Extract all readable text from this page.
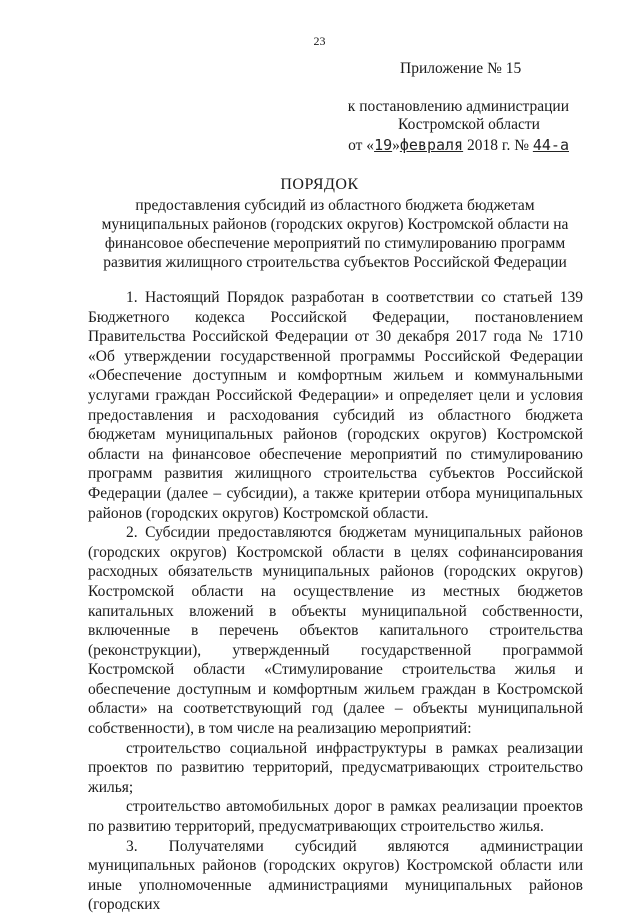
23
Приложение № 15
к постановлению администрации
Костромской области
от «19»февраля 2018 г. № 44-а
ПОРЯДОК
предоставления субсидий из областного бюджета бюджетам муниципальных районов (городских округов) Костромской области на финансовое обеспечение мероприятий по стимулированию программ развития жилищного строительства субъектов Российской Федерации

1. Настоящий Порядок разработан в соответствии со статьей 139 Бюджетного кодекса Российской Федерации, постановлением Правительства Российской Федерации от 30 декабря 2017 года № 1710 «Об утверждении государственной программы Российской Федерации «Обеспечение доступным и комфортным жильем и коммунальными услугами граждан Российской Федерации» и определяет цели и условия предоставления и расходования субсидий из областного бюджета бюджетам муниципальных районов (городских округов) Костромской области на финансовое обеспечение мероприятий по стимулированию программ развития жилищного строительства субъектов Российской Федерации (далее – субсидии), а также критерии отбора муниципальных районов (городских округов) Костромской области.

2. Субсидии предоставляются бюджетам муниципальных районов (городских округов) Костромской области в целях софинансирования расходных обязательств муниципальных районов (городских округов) Костромской области на осуществление из местных бюджетов капитальных вложений в объекты муниципальной собственности, включенные в перечень объектов капитального строительства (реконструкции), утвержденный государственной программой Костромской области «Стимулирование строительства жилья и обеспечение доступным и комфортным жильем граждан в Костромской области» на соответствующий год (далее – объекты муниципальной собственности), в том числе на реализацию мероприятий:

строительство социальной инфраструктуры в рамках реализации проектов по развитию территорий, предусматривающих строительство жилья;

строительство автомобильных дорог в рамках реализации проектов по развитию территорий, предусматривающих строительство жилья.

3. Получателями субсидий являются администрации муниципальных районов (городских округов) Костромской области или иные уполномоченные администрациями муниципальных районов (городских
